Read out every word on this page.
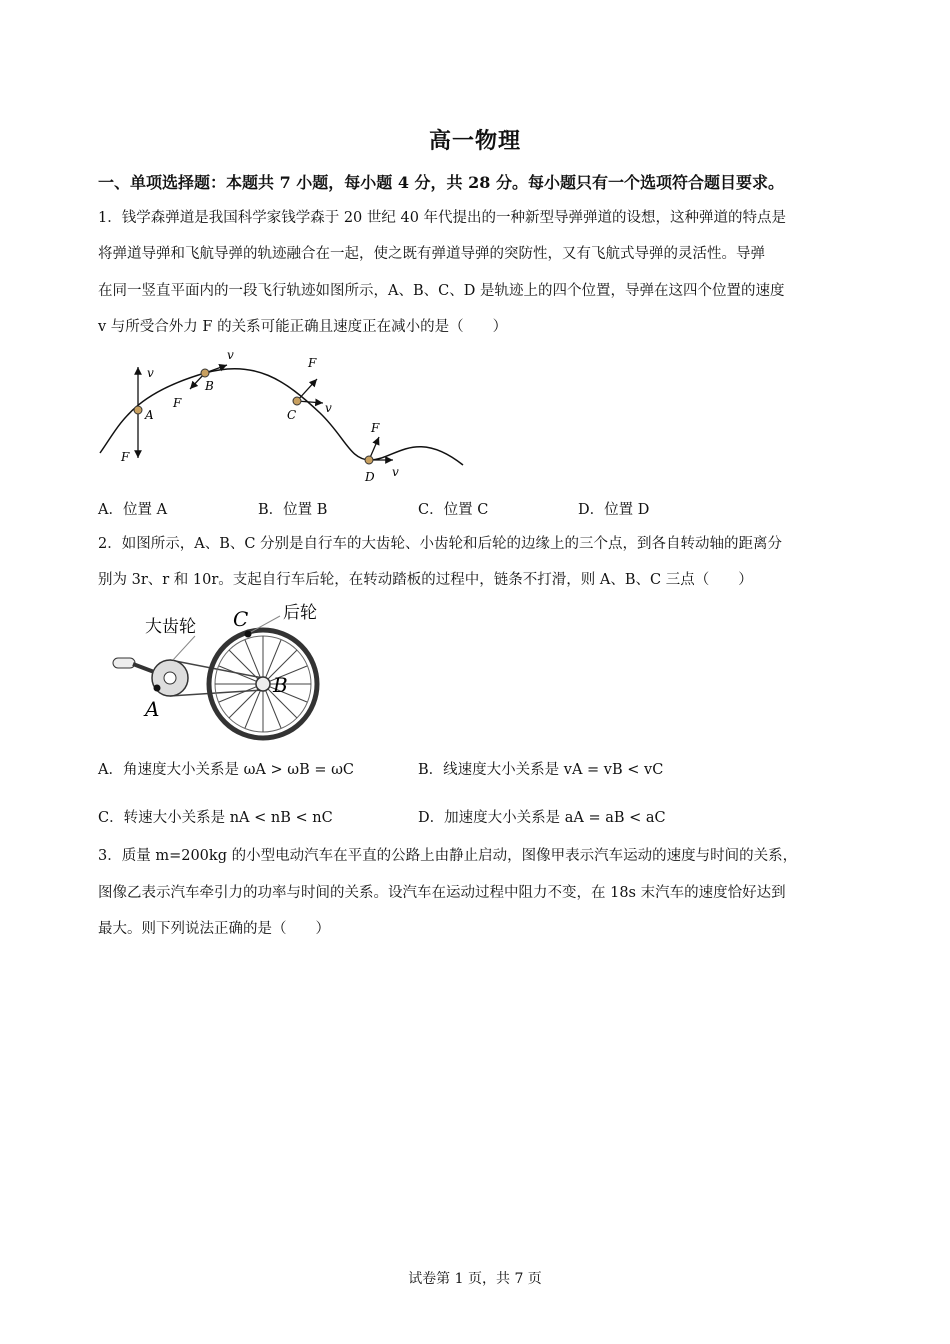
高一物理
一、单项选择题：本题共 7 小题，每小题 4 分，共 28 分。每小题只有一个选项符合题目要求。
1．钱学森弹道是我国科学家钱学森于 20 世纪 40 年代提出的一种新型导弹弹道的设想，这种弹道的特点是
将弹道导弹和飞航导弹的轨迹融合在一起，使之既有弹道导弹的突防性，又有飞航式导弹的灵活性。导弹
在同一竖直平面内的一段飞行轨迹如图所示，A、B、C、D 是轨迹上的四个位置，导弹在这四个位置的速度
v 与所受合外力 F 的关系可能正确且速度正在减小的是（　　）
v
A
F
v
B
F
F
v
C
F
v
D
A．位置 A	B．位置 B	C．位置 C	D．位置 D
2．如图所示，A、B、C 分别是自行车的大齿轮、小齿轮和后轮的边缘上的三个点，到各自转动轴的距离分
别为 3r、r 和 10r。支起自行车后轮，在转动踏板的过程中，链条不打滑，则 A、B、C 三点（　　）
大齿轮
后轮
C
B
A
A．角速度大小关系是 ωA > ωB = ωC	B．线速度大小关系是 vA = vB < vC
C．转速大小关系是 nA < nB < nC	D．加速度大小关系是 aA = aB < aC
3．质量 m=200kg 的小型电动汽车在平直的公路上由静止启动，图像甲表示汽车运动的速度与时间的关系，
图像乙表示汽车牵引力的功率与时间的关系。设汽车在运动过程中阻力不变，在 18s 末汽车的速度恰好达到
最大。则下列说法正确的是（　　）
试卷第 1 页，共 7 页
